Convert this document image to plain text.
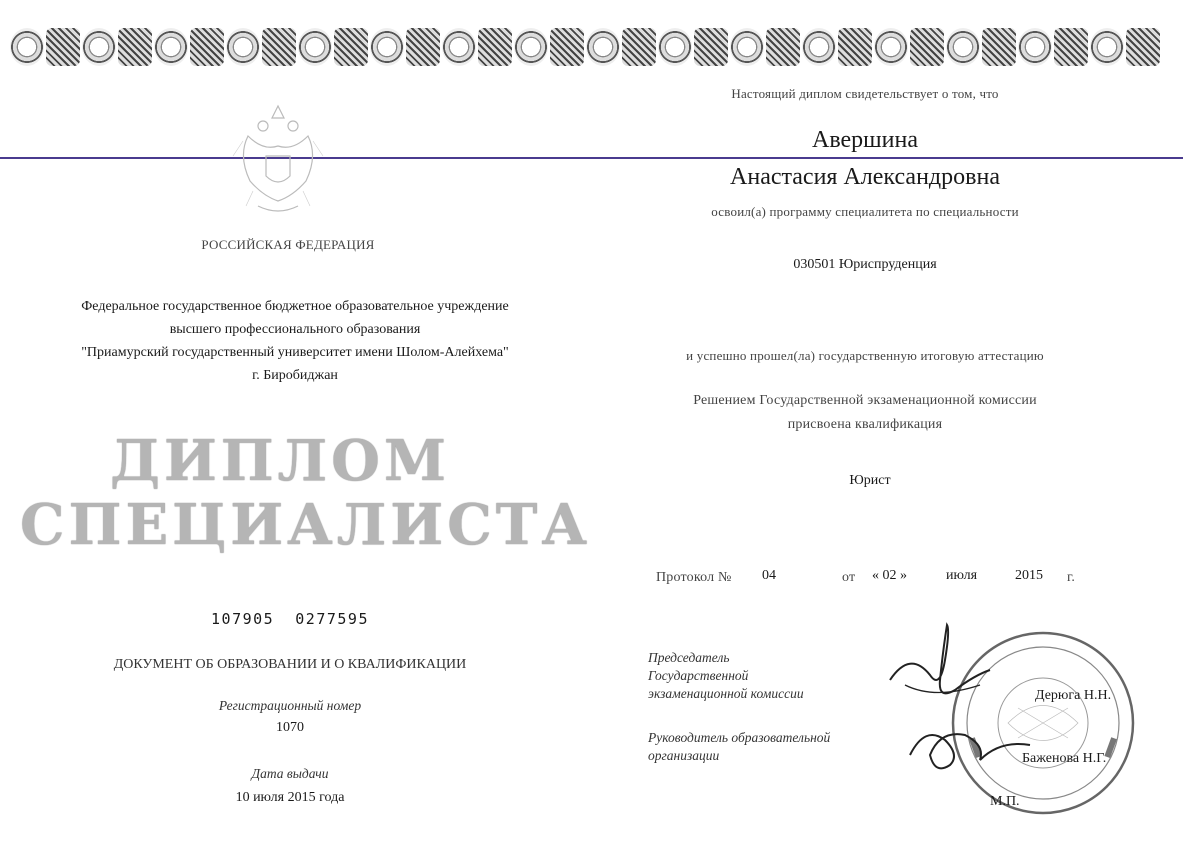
РОССИЙСКАЯ ФЕДЕРАЦИЯ
Федеральное государственное бюджетное образовательное учреждение
высшего профессионального образования
"Приамурский государственный университет имени Шолом-Алейхема"
г. Биробиджан
ДИПЛОМ
СПЕЦИАЛИСТА
107905  0277595
ДОКУМЕНТ ОБ ОБРАЗОВАНИИ И О КВАЛИФИКАЦИИ
Регистрационный номер
1070
Дата выдачи
10 июля 2015 года
Настоящий диплом свидетельствует о том, что
Авершина
Анастасия Александровна
освоил(а) программу специалитета по специальности
030501 Юриспруденция
и успешно прошел(ла) государственную итоговую аттестацию
Решением Государственной экзаменационной комиссии
присвоена квалификация
Юрист
Протокол № 04	от « 02 »	июля	2015 г.
Председатель
Государственной
экзаменационной комиссии
Руководитель образовательной
организации
Дерюга Н.Н.
Баженова Н.Г.
М.П.
